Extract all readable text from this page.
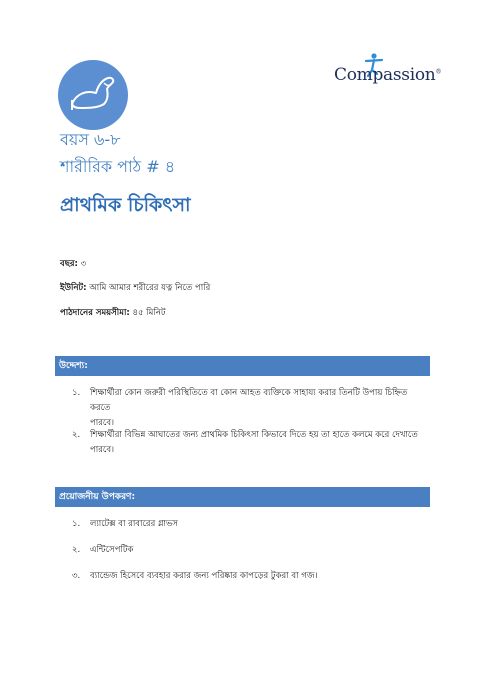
Compassion®
বয়স ৬-৮
শারীরিক পাঠ # ৪
প্রাথমিক চিকিৎসা
বছর: ৩
ইউনিট: আমি আমার শরীরের যত্ন নিতে পারি
পাঠদানের সময়সীমা: ৪৫ মিনিট
উদ্দেশ্য:
১.	শিক্ষার্থীরা কোন জরুরী পরিস্থিতিতে বা কোন আহত ব্যক্তিকে সাহায্য করার তিনটি উপায় চিহ্নিত করতে
পারবে।
২.	শিক্ষার্থীরা বিভিন্ন আঘাতের জন্য প্রাথমিক চিকিৎসা কিভাবে দিতে হয় তা হাতে কলমে করে দেখাতে
পারবে।
প্রয়োজনীয় উপকরণ:
১.	ল্যাটেক্স বা রাবারের গ্লাভস
২.	এন্টিসেপটিক
৩.	ব্যান্ডেজ হিসেবে ব্যবহার করার জন্য পরিষ্কার কাপড়ের টুকরা বা গজ।
